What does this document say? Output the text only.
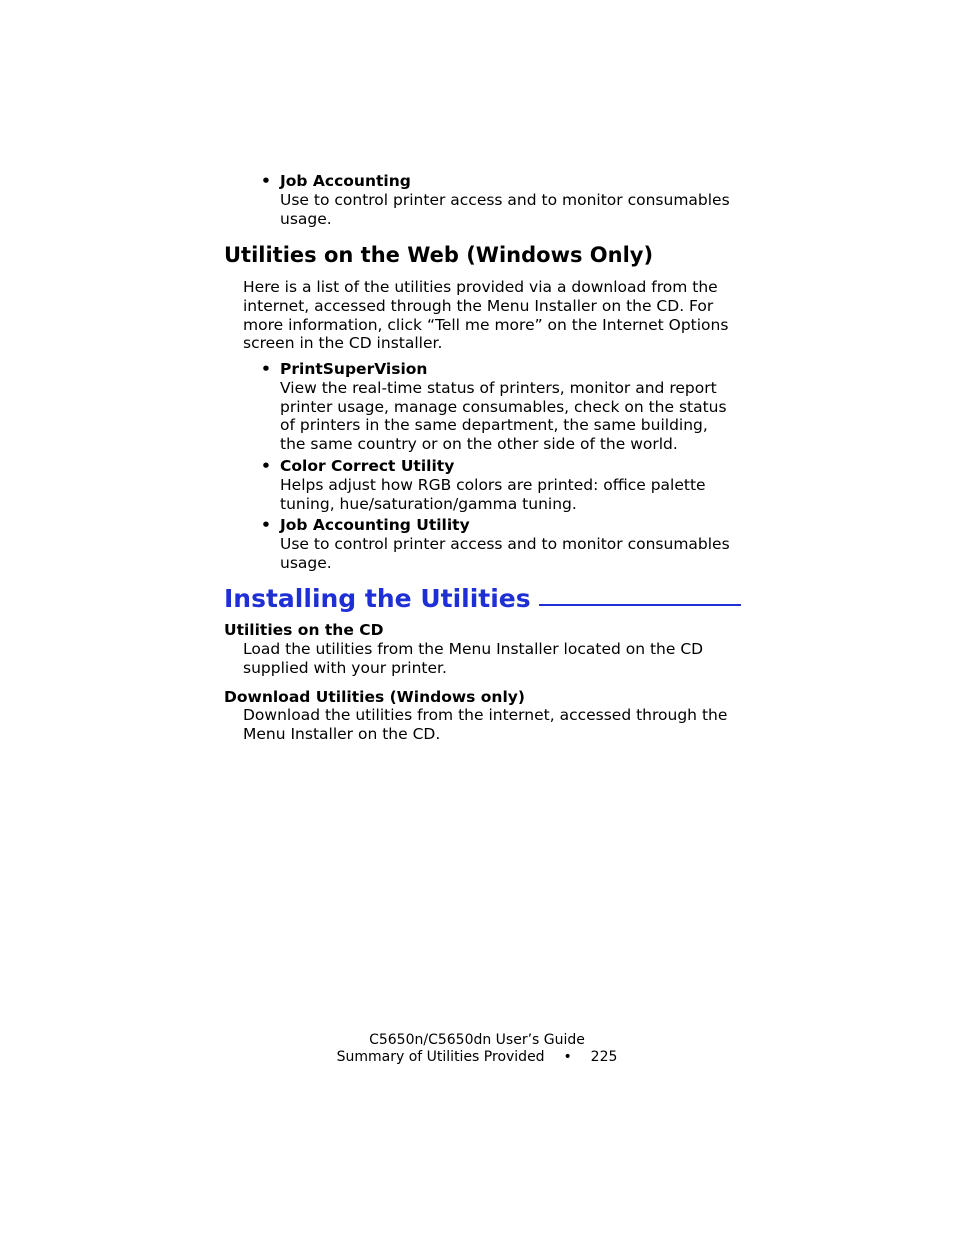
• Job Accounting
Use to control printer access and to monitor consumables
usage.
Utilities on the Web (Windows Only)
Here is a list of the utilities provided via a download from the
internet, accessed through the Menu Installer on the CD. For
more information, click “Tell me more” on the Internet Options
screen in the CD installer.
• PrintSuperVision
View the real-time status of printers, monitor and report
printer usage, manage consumables, check on the status
of printers in the same department, the same building,
the same country or on the other side of the world.
• Color Correct Utility
Helps adjust how RGB colors are printed: office palette
tuning, hue/saturation/gamma tuning.
• Job Accounting Utility
Use to control printer access and to monitor consumables
usage.
Installing the Utilities
Utilities on the CD
Load the utilities from the Menu Installer located on the CD
supplied with your printer.
Download Utilities (Windows only)
Download the utilities from the internet, accessed through the
Menu Installer on the CD.
C5650n/C5650dn User’s Guide
Summary of Utilities Provided • 225
